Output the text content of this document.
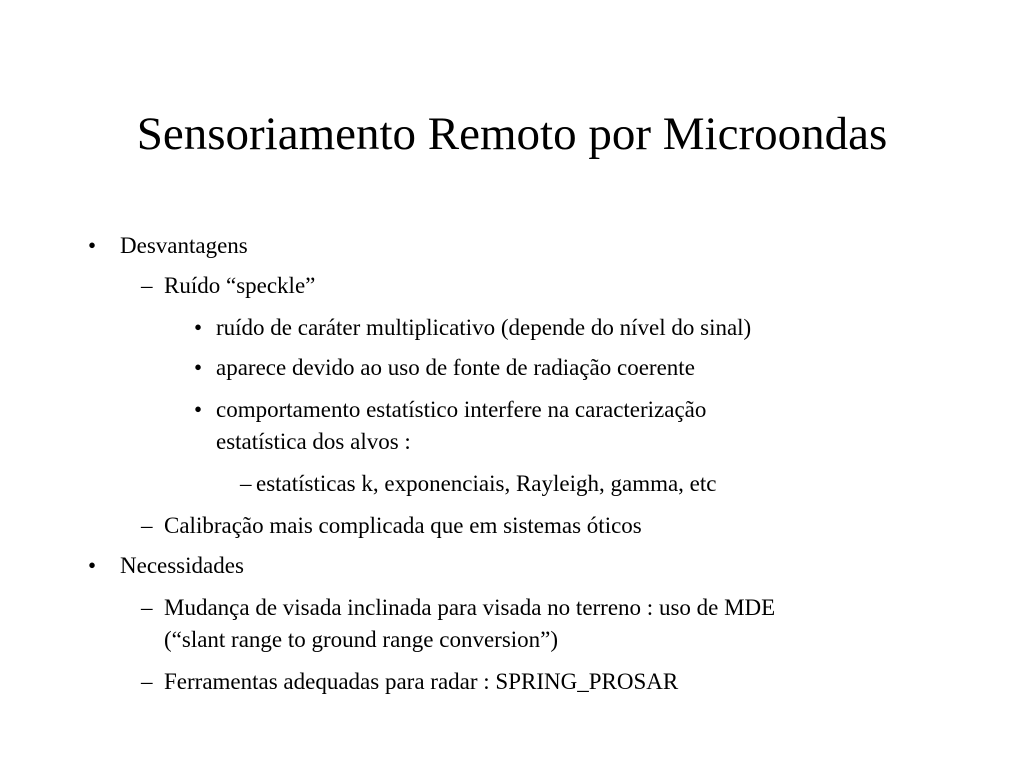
Sensoriamento Remoto por Microondas
• Desvantagens
– Ruído “speckle”
• ruído de caráter multiplicativo (depende do nível do sinal)
• aparece devido ao uso de fonte de radiação coerente
• comportamento estatístico interfere na caracterização
estatística dos alvos :
– estatísticas k, exponenciais, Rayleigh, gamma, etc
– Calibração mais complicada que em sistemas óticos
• Necessidades
– Mudança de visada inclinada para visada no terreno : uso de MDE
(“slant range to ground range conversion”)
– Ferramentas adequadas para radar : SPRING_PROSAR
